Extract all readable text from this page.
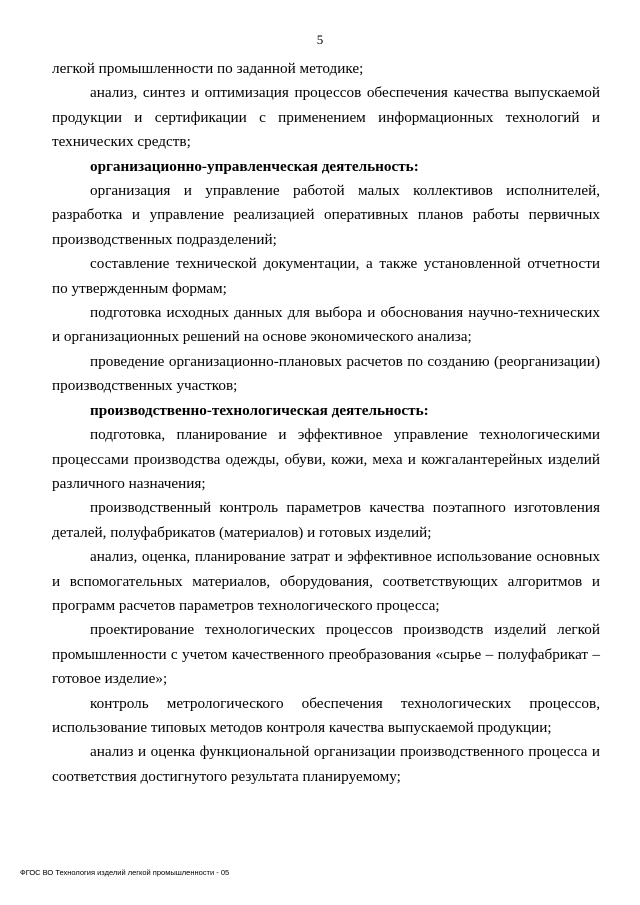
5

легкой промышленности по заданной методике;

анализ, синтез и оптимизация процессов обеспечения качества выпускаемой продукции и сертификации с применением информационных технологий и технических средств;

организационно-управленческая деятельность:

организация и управление работой малых коллективов исполнителей, разработка и управление реализацией оперативных планов работы первичных производственных подразделений;

составление технической документации, а также установленной отчетности по утвержденным формам;

подготовка исходных данных для выбора и обоснования научно-технических и организационных решений на основе экономического анализа;

проведение организационно-плановых расчетов по созданию (реорганизации) производственных участков;

производственно-технологическая деятельность:

подготовка, планирование и эффективное управление технологическими процессами производства одежды, обуви, кожи, меха и кожгалантерейных изделий различного назначения;

производственный контроль параметров качества поэтапного изготовления деталей, полуфабрикатов (материалов) и готовых изделий;

анализ, оценка, планирование затрат и эффективное использование основных и вспомогательных материалов, оборудования, соответствующих алгоритмов и программ расчетов параметров технологического процесса;

проектирование технологических процессов производств изделий легкой промышленности с учетом качественного преобразования «сырье – полуфабрикат – готовое изделие»;

контроль метрологического обеспечения технологических процессов, использование типовых методов контроля качества выпускаемой продукции;

анализ и оценка функциональной организации производственного процесса и соответствия достигнутого результата планируемому;

ФГОС ВО Технология изделий легкой промышленности - 05
